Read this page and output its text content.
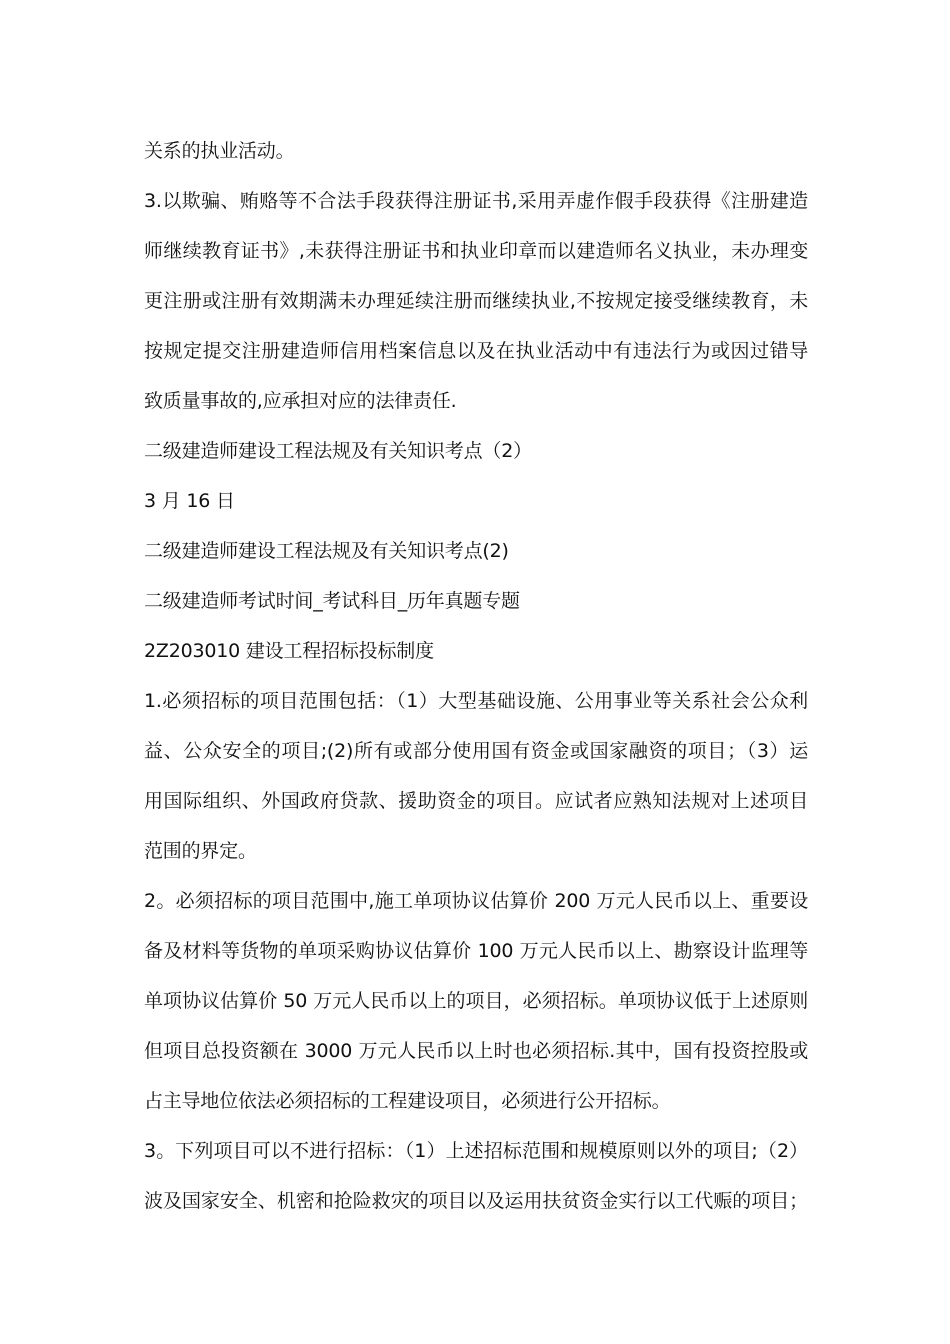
关系的执业活动。
3.以欺骗、贿赂等不合法手段获得注册证书,采用弄虚作假手段获得《注册建造
师继续教育证书》,未获得注册证书和执业印章而以建造师名义执业，未办理变
更注册或注册有效期满未办理延续注册而继续执业,不按规定接受继续教育，未
按规定提交注册建造师信用档案信息以及在执业活动中有违法行为或因过错导
致质量事故的,应承担对应的法律责任.
二级建造师建设工程法规及有关知识考点（2）
3 月 16 日
二级建造师建设工程法规及有关知识考点(2)
二级建造师考试时间_考试科目_历年真题专题
2Z203010 建设工程招标投标制度
1.必须招标的项目范围包括：（1）大型基础设施、公用事业等关系社会公众利
益、公众安全的项目;(2)所有或部分使用国有资金或国家融资的项目；（3）运
用国际组织、外国政府贷款、援助资金的项目。应试者应熟知法规对上述项目
范围的界定。
2。必须招标的项目范围中,施工单项协议估算价 200 万元人民币以上、重要设
备及材料等货物的单项采购协议估算价 100 万元人民币以上、勘察设计监理等
单项协议估算价 50 万元人民币以上的项目，必须招标。单项协议低于上述原则
但项目总投资额在 3000 万元人民币以上时也必须招标.其中，国有投资控股或
占主导地位依法必须招标的工程建设项目，必须进行公开招标。
3。下列项目可以不进行招标：（1）上述招标范围和规模原则以外的项目;（2）
波及国家安全、机密和抢险救灾的项目以及运用扶贫资金实行以工代赈的项目；
